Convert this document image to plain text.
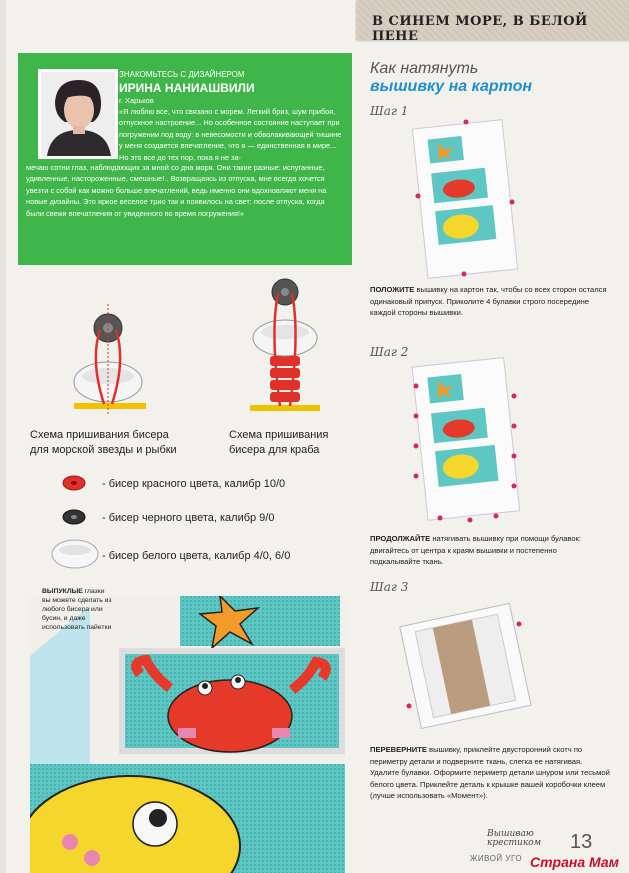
В СИНЕМ МОРЕ, В БЕЛОЙ ПЕНЕ
ЗНАКОМЬТЕСЬ С ДИЗАЙНЕРОМ
ИРИНА НАНИАШВИЛИ
г. Харьков
«Я люблю все, что связано с морем. Легкий бриз, шум прибоя, отпускное настроение... Но особенное состояние наступает при погружении под воду: в невесомости и обволакивающей тишине у меня создается впечатление, что я — единственная в мире... Но это все до тех пор, пока я не за-
мечаю сотни глаз, наблюдающих за мной со дна моря. Они такие разные: испуганные, удивленные, настороженные, смешные!.. Возвращаясь из отпуска, мне всегда хочется увезти с собой как можно больше впечатлений, ведь именно они вдохновляют меня на новые дизайны. Это яркое веселое трио так и появилось на свет: после отпуска, когда были свежи впечатления от увиденного во время погружения!»
Схема пришивания бисера
для морской звезды и рыбки
Схема пришивания
бисера для краба
- бисер красного цвета, калибр 10/0
- бисер черного цвета, калибр 9/0
- бисер белого цвета, калибр 4/0, 6/0
ВЫПУКЛЫЕ глазки вы можете сделать из любого бисера или бусин, и даже использовать пайетки
Как натянуть
вышивку на картон
Шаг 1
ПОЛОЖИТЕ вышивку на картон так, чтобы со всех сторон остался одинаковый припуск. Приколите 4 булавки строго посередине каждой стороны вышивки.
Шаг 2
ПРОДОЛЖАЙТЕ натягивать вышивку при помощи булавок: двигайтесь от центра к краям вышивки и постепенно подкалывайте ткань.
Шаг 3
ПЕРЕВЕРНИТЕ вышивку, приклейте двусторонний скотч по периметру детали и подверните ткань, слегка ее натягивая. Удалите булавки. Оформите периметр детали шнуром или тесьмой белого цвета. Приклейте деталь к крышке вашей коробочки клеем (лучше использовать «Момент»).
Вышиваю
крестиком 13
ЖИВОЙ УГО Страна Мам
